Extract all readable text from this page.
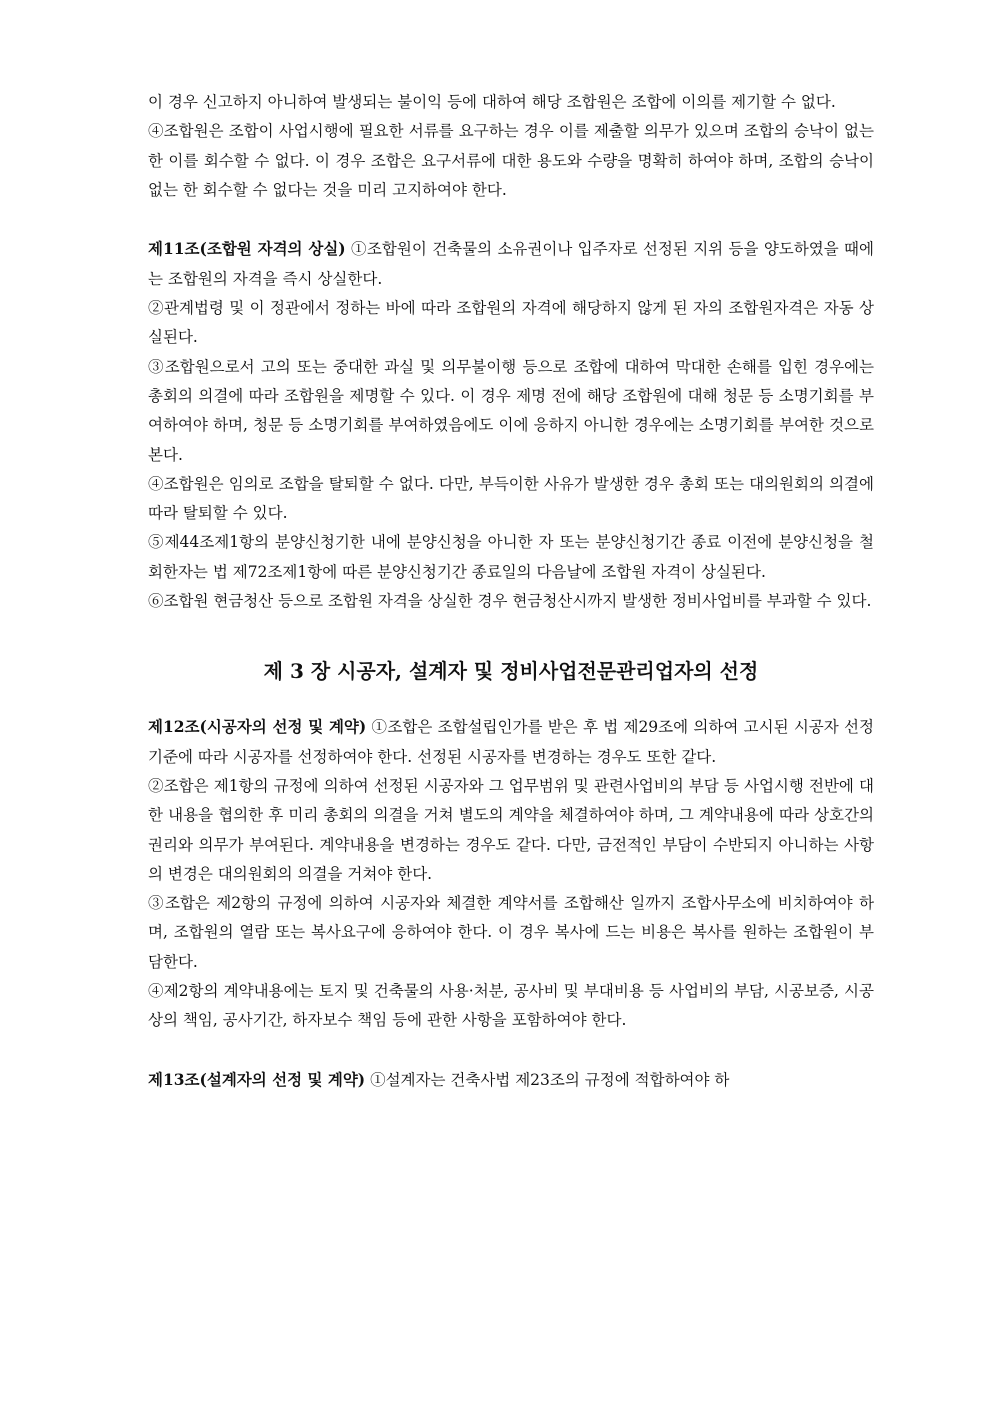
이 경우 신고하지 아니하여 발생되는 불이익 등에 대하여 해당 조합원은 조합에 이의를 제기할 수 없다.

④조합원은 조합이 사업시행에 필요한 서류를 요구하는 경우 이를 제출할 의무가 있으며 조합의 승낙이 없는 한 이를 회수할 수 없다. 이 경우 조합은 요구서류에 대한 용도와 수량을 명확히 하여야 하며, 조합의 승낙이 없는 한 회수할 수 없다는 것을 미리 고지하여야 한다.

제11조(조합원 자격의 상실) ①조합원이 건축물의 소유권이나 입주자로 선정된 지위 등을 양도하였을 때에는 조합원의 자격을 즉시 상실한다.

②관계법령 및 이 정관에서 정하는 바에 따라 조합원의 자격에 해당하지 않게 된 자의 조합원자격은 자동 상실된다.

③조합원으로서 고의 또는 중대한 과실 및 의무불이행 등으로 조합에 대하여 막대한 손해를 입힌 경우에는 총회의 의결에 따라 조합원을 제명할 수 있다. 이 경우 제명 전에 해당 조합원에 대해 청문 등 소명기회를 부여하여야 하며, 청문 등 소명기회를 부여하였음에도 이에 응하지 아니한 경우에는 소명기회를 부여한 것으로 본다.

④조합원은 임의로 조합을 탈퇴할 수 없다. 다만, 부득이한 사유가 발생한 경우 총회 또는 대의원회의 의결에 따라 탈퇴할 수 있다.

⑤제44조제1항의 분양신청기한 내에 분양신청을 아니한 자 또는 분양신청기간 종료 이전에 분양신청을 철회한자는 법 제72조제1항에 따른 분양신청기간 종료일의 다음날에 조합원 자격이 상실된다.

⑥조합원 현금청산 등으로 조합원 자격을 상실한 경우 현금청산시까지 발생한 정비사업비를 부과할 수 있다.

제 3 장 시공자, 설계자 및 정비사업전문관리업자의 선정

제12조(시공자의 선정 및 계약) ①조합은 조합설립인가를 받은 후 법 제29조에 의하여 고시된 시공자 선정기준에 따라 시공자를 선정하여야 한다. 선정된 시공자를 변경하는 경우도 또한 같다.

②조합은 제1항의 규정에 의하여 선정된 시공자와 그 업무범위 및 관련사업비의 부담 등 사업시행 전반에 대한 내용을 협의한 후 미리 총회의 의결을 거쳐 별도의 계약을 체결하여야 하며, 그 계약내용에 따라 상호간의 권리와 의무가 부여된다. 계약내용을 변경하는 경우도 같다. 다만, 금전적인 부담이 수반되지 아니하는 사항의 변경은 대의원회의 의결을 거쳐야 한다.

③조합은 제2항의 규정에 의하여 시공자와 체결한 계약서를 조합해산 일까지 조합사무소에 비치하여야 하며, 조합원의 열람 또는 복사요구에 응하여야 한다. 이 경우 복사에 드는 비용은 복사를 원하는 조합원이 부담한다.

④제2항의 계약내용에는 토지 및 건축물의 사용·처분, 공사비 및 부대비용 등 사업비의 부담, 시공보증, 시공상의 책임, 공사기간, 하자보수 책임 등에 관한 사항을 포함하여야 한다.

제13조(설계자의 선정 및 계약) ①설계자는 건축사법 제23조의 규정에 적합하여야 하
